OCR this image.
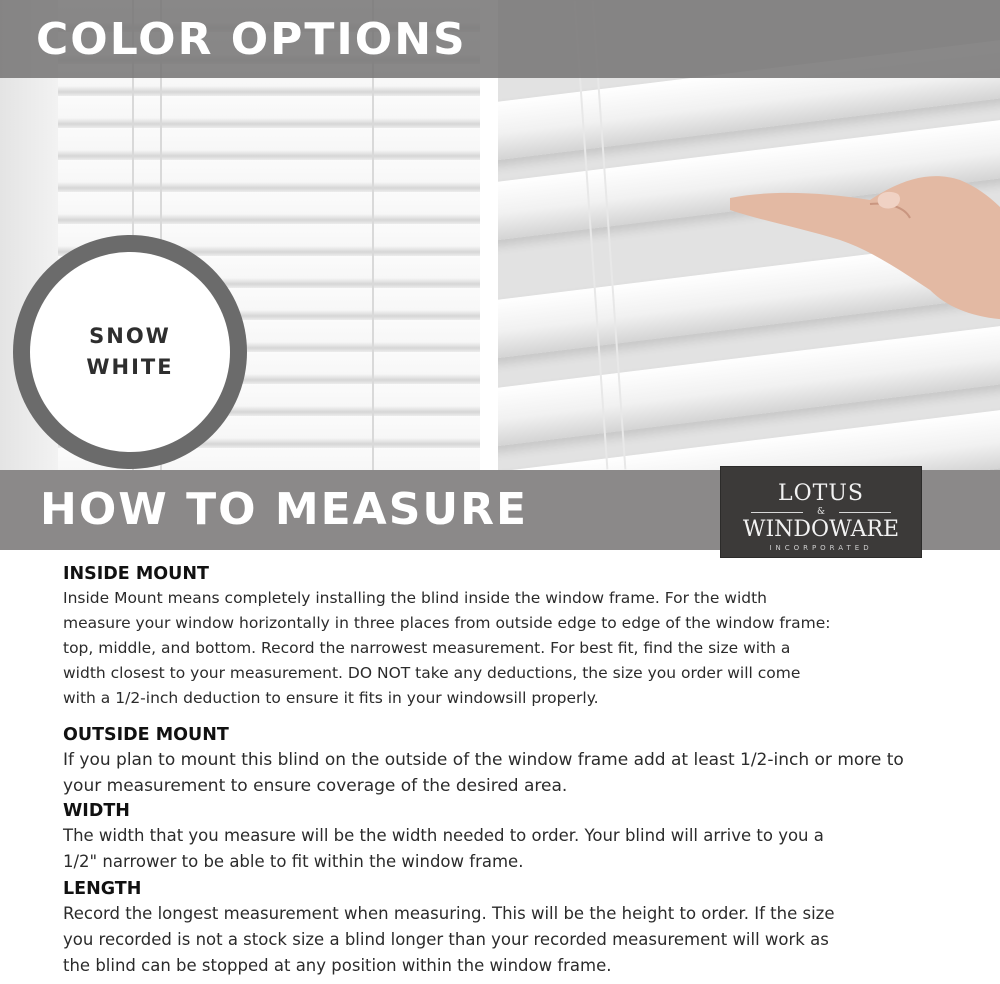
COLOR OPTIONS
SNOW
WHITE
HOW TO MEASURE	LOTUS
&
WINDOWARE
INCORPORATED
INSIDE MOUNT
Inside Mount means completely installing the blind inside the window frame. For the width
measure your window horizontally in three places from outside edge to edge of the window frame:
top, middle, and bottom. Record the narrowest measurement. For best fit, find the size with a
width closest to your measurement. DO NOT take any deductions, the size you order will come
with a 1/2-inch deduction to ensure it fits in your windowsill properly.
OUTSIDE MOUNT
If you plan to mount this blind on the outside of the window frame add at least 1/2-inch or more to
your measurement to ensure coverage of the desired area.
WIDTH
The width that you measure will be the width needed to order. Your blind will arrive to you a
1/2" narrower to be able to fit within the window frame.
LENGTH
Record the longest measurement when measuring. This will be the height to order. If the size
you recorded is not a stock size a blind longer than your recorded measurement will work as
the blind can be stopped at any position within the window frame.
